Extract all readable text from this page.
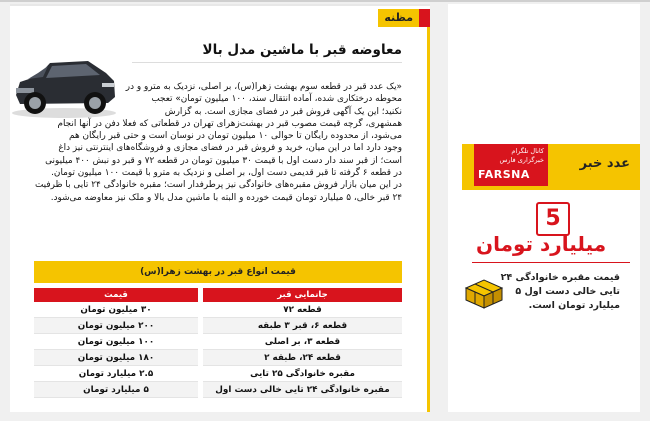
مظنه
معاوضه قبر با ماشین مدل بالا
«یک عدد قبر در قطعه سوم بهشت زهرا(س)، بر اصلی، نزدیک به مترو و در
محوطه درختکاری شده، آماده انتقال سند، ۱۰۰ میلیون تومان» تعجب
نکنید؛ این یک آگهی فروش قبر در فضای مجازی است. به گزارش
همشهری، گرچه قیمت مصوب قبر در بهشت‌زهرای تهران در قطعاتی که فعلا دفن در آنها انجام
می‌شود، از محدوده رایگان تا حوالی ۱۰ میلیون تومان در نوسان است و حتی قبر رایگان هم
وجود دارد اما در این میان، خرید و فروش قبر در فضای مجازی و فروشگاه‌های اینترنتی نیز داغ
است؛ از قبر سند دار دست اول با قیمت ۳۰ میلیون تومان در قطعه ۷۲ و قبر دو نبش ۴۰۰ میلیونی
در قطعه ۶ گرفته تا قبر قدیمی دست اول، بر اصلی و نزدیک به مترو با قیمت ۱۰۰ میلیون تومان.
در این میان بازار فروش مقبره‌های خانوادگی نیز پرطرفدار است؛ مقبره خانوادگی ۲۴ تایی با ظرفیت
۲۴ قبر خالی، ۵ میلیارد تومان قیمت خورده و البته با ماشین مدل بالا و ملک نیز معاوضه می‌شود.
قیمت انواع قبر در بهشت زهرا(س)
جانمایی قبر
قیمت
قطعه ۷۲
۳۰ میلیون تومان
قطعه ۶، قبر ۳ طبقه
۲۰۰ میلیون تومان
قطعه ۳، بر اصلی
۱۰۰ میلیون تومان
قطعه ۲۴، طبقه ۲
۱۸۰ میلیون تومان
مقبره خانوادگی ۲۵ تایی
۲.۵ میلیارد تومان
مقبره خانوادگی ۲۴ تایی خالی دست اول
۵ میلیارد تومان
عدد خبر
کانال تلگرام
خبرگزاری فارس
FARSNA
5
میلیارد تومان
قیمت مقبره خانوادگی ۲۴ تایی خالی دست اول ۵ میلیارد تومان است.
